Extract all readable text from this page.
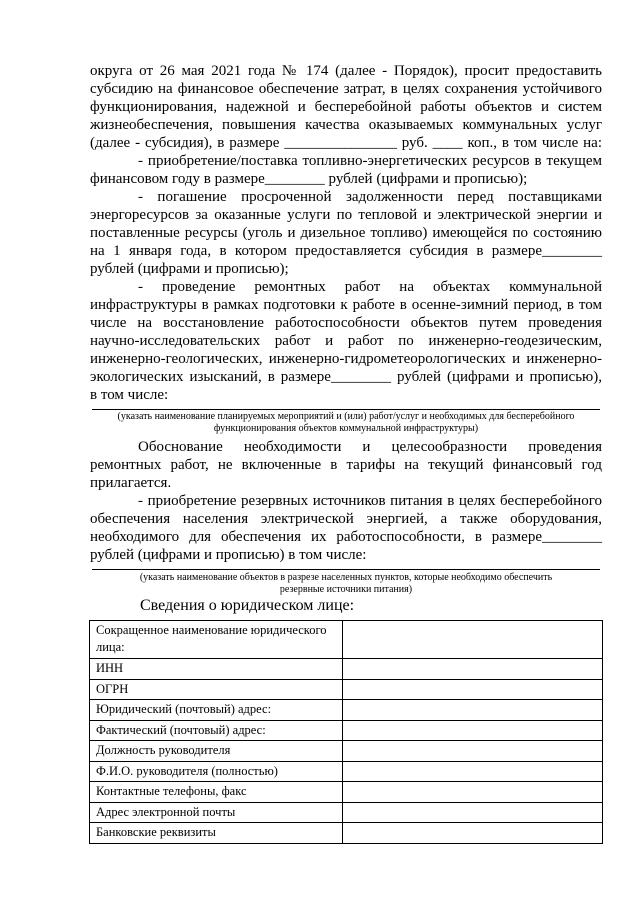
округа от 26 мая 2021 года № 174 (далее - Порядок), просит предоставить
субсидию на финансовое обеспечение затрат, в целях сохранения устойчивого
функционирования, надежной и бесперебойной работы объектов и систем
жизнеобеспечения, повышения качества оказываемых коммунальных услуг
(далее - субсидия), в размере _______________ руб. ____ коп., в том числе на:
- приобретение/поставка топливно-энергетических ресурсов в текущем
финансовом году в размере________ рублей (цифрами и прописью);
- погашение просроченной задолженности перед поставщиками
энергоресурсов за оказанные услуги по тепловой и электрической энергии и
поставленные ресурсы (уголь и дизельное топливо) имеющейся по состоянию
на 1 января года, в котором предоставляется субсидия в размере________
рублей (цифрами и прописью);
- проведение ремонтных работ на объектах коммунальной
инфраструктуры в рамках подготовки к работе в осенне-зимний период, в том
числе на восстановление работоспособности объектов путем проведения
научно-исследовательских работ и работ по инженерно-геодезическим,
инженерно-геологических, инженерно-гидрометеорологических и инженерно-
экологических изысканий, в размере________ рублей (цифрами и прописью),
в том числе:
(указать наименование планируемых мероприятий и (или) работ/услуг и необходимых для бесперебойного
функционирования объектов коммунальной инфраструктуры)
Обоснование необходимости и целесообразности проведения
ремонтных работ, не включенные в тарифы на текущий финансовый год
прилагается.
- приобретение резервных источников питания в целях бесперебойного
обеспечения населения электрической энергией, а также оборудования,
необходимого для обеспечения их работоспособности, в размере________
рублей (цифрами и прописью) в том числе:
(указать наименование объектов в разрезе населенных пунктов, которые необходимо обеспечить
резервные источники питания)
Сведения о юридическом лице:
Сокращенное наименование юридического лица:	
ИНН	
ОГРН	
Юридический (почтовый) адрес:	
Фактический (почтовый) адрес:	
Должность руководителя	
Ф.И.О. руководителя (полностью)	
Контактные телефоны, факс	
Адрес электронной почты	
Банковские реквизиты	
